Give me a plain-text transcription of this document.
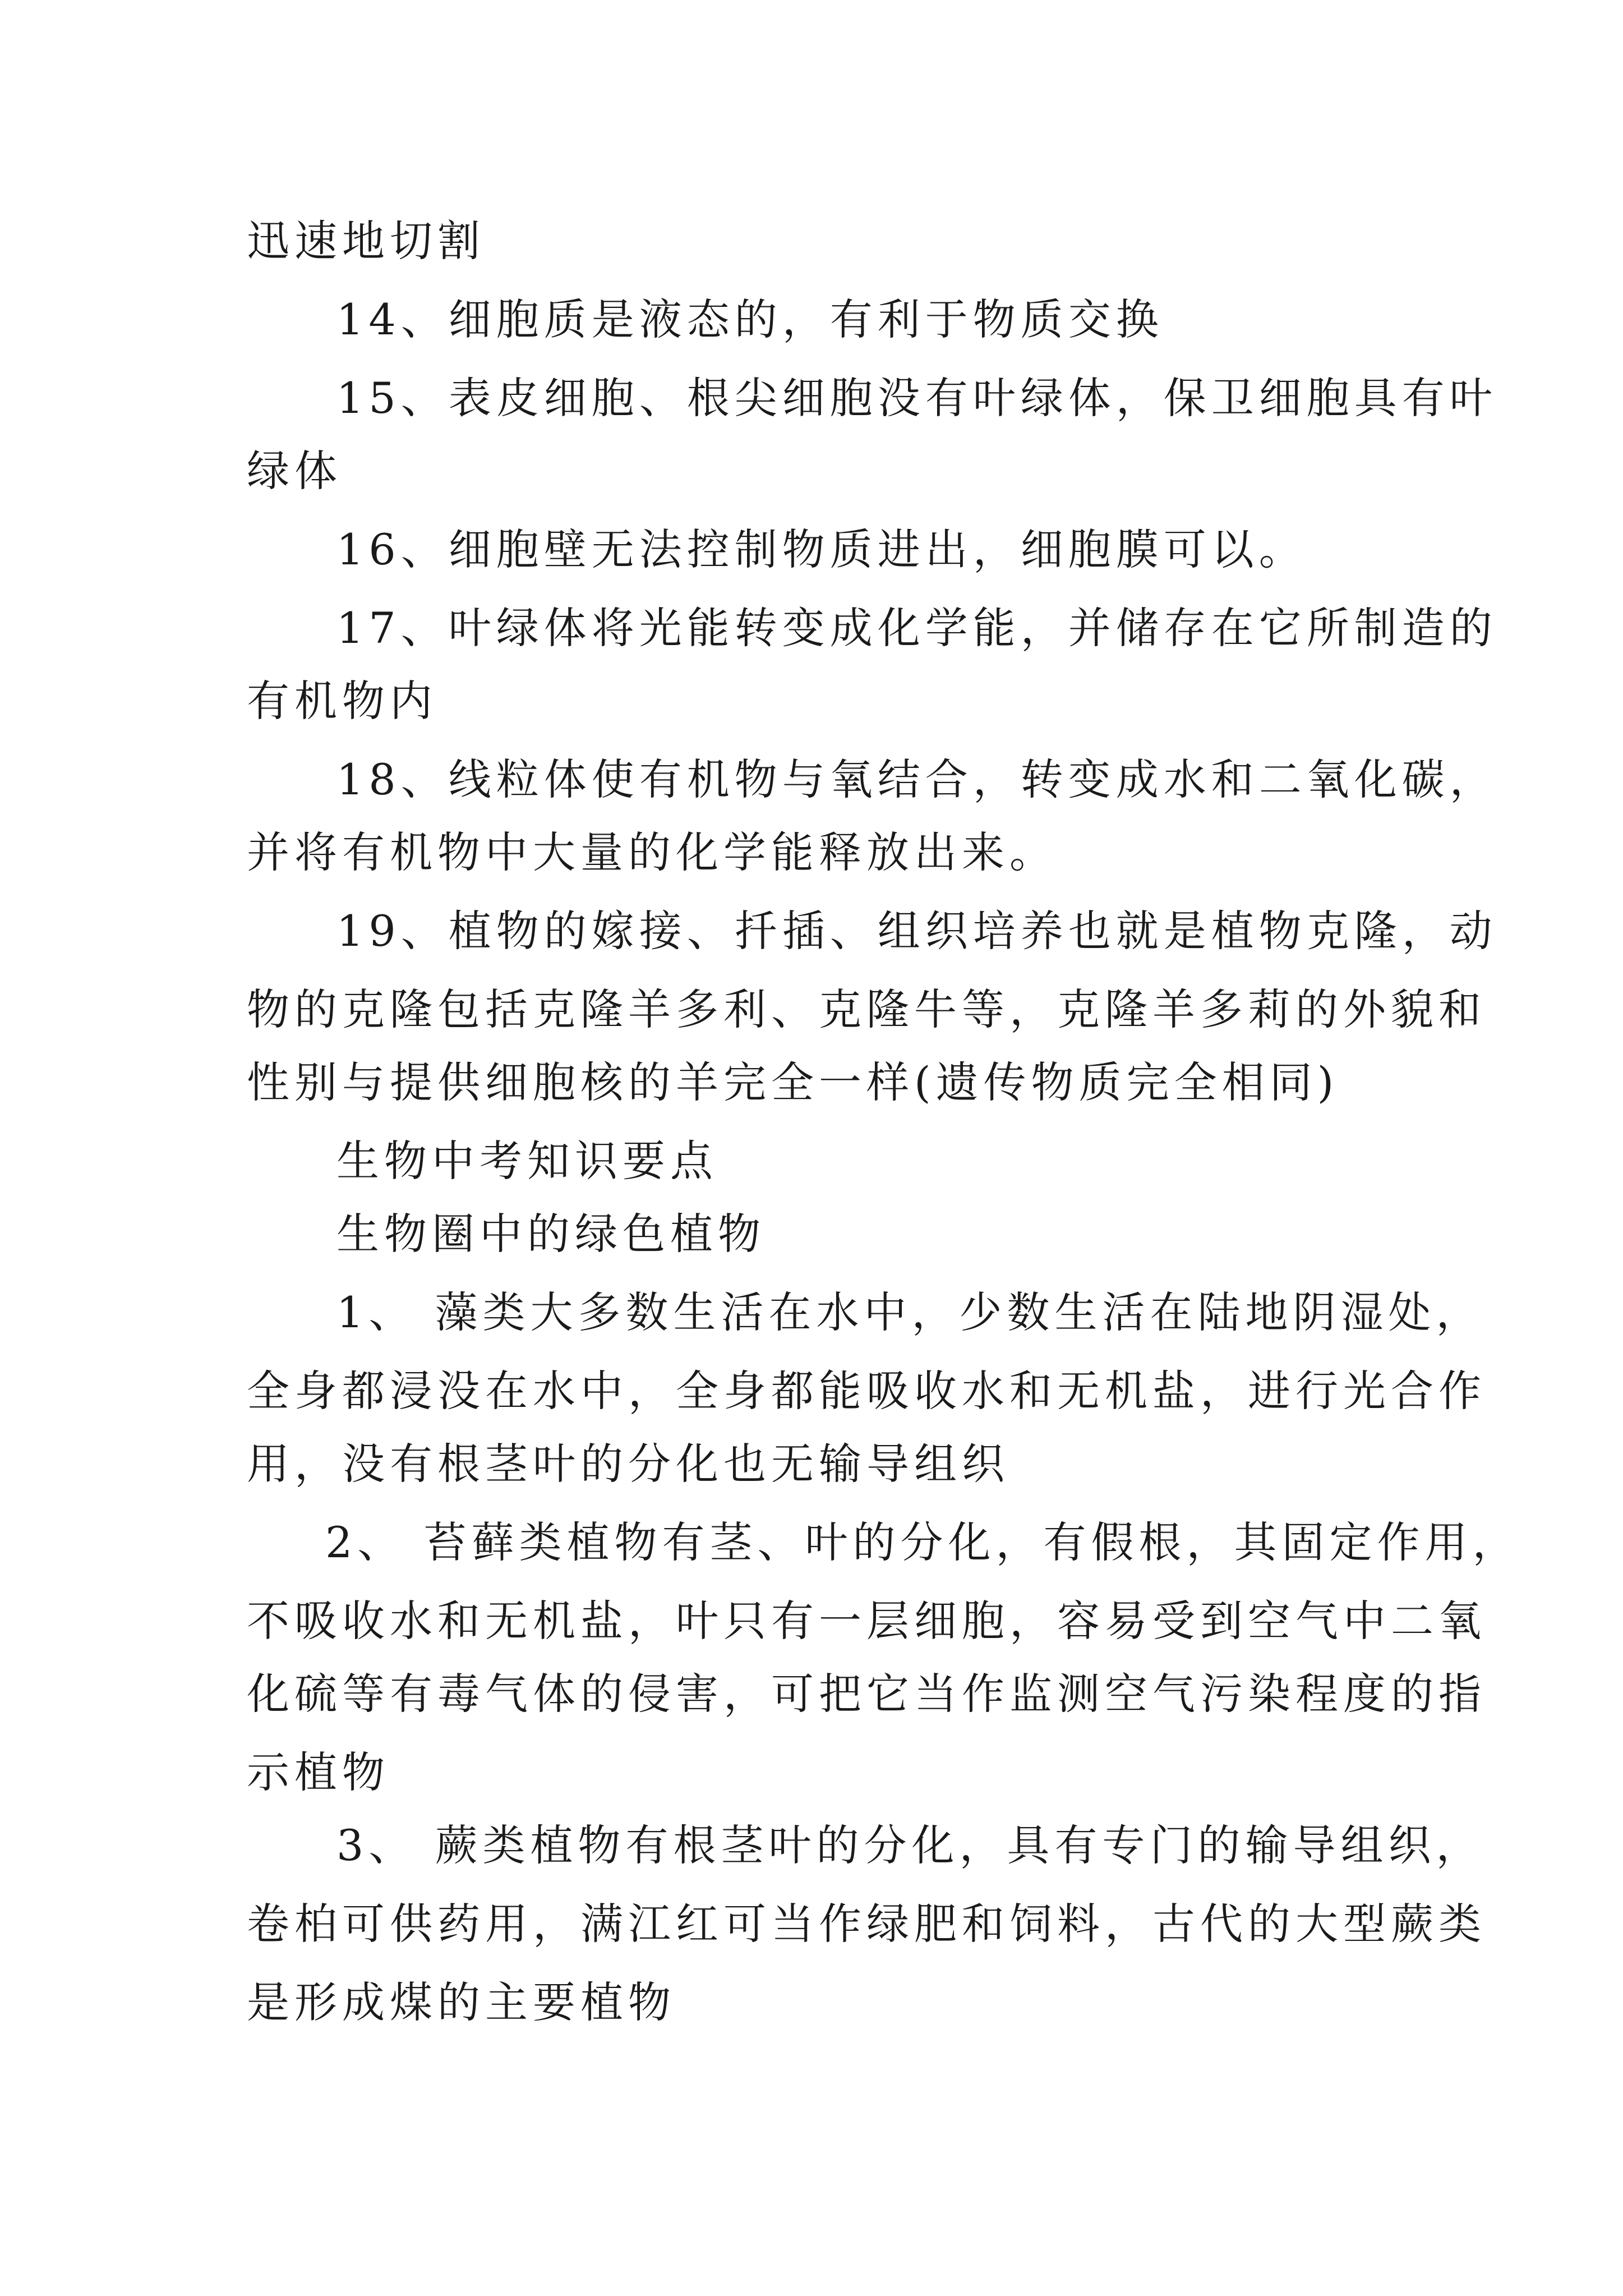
迅速地切割

14、细胞质是液态的，有利于物质交换

15、表皮细胞、根尖细胞没有叶绿体，保卫细胞具有叶

绿体

16、细胞壁无法控制物质进出，细胞膜可以。

17、叶绿体将光能转变成化学能，并储存在它所制造的

有机物内

18、线粒体使有机物与氧结合，转变成水和二氧化碳，

并将有机物中大量的化学能释放出来。

19、植物的嫁接、扦插、组织培养也就是植物克隆，动

物的克隆包括克隆羊多利、克隆牛等，克隆羊多莉的外貌和

性别与提供细胞核的羊完全一样(遗传物质完全相同)

生物中考知识要点

生物圈中的绿色植物

1、 藻类大多数生活在水中，少数生活在陆地阴湿处，

全身都浸没在水中，全身都能吸收水和无机盐，进行光合作

用，没有根茎叶的分化也无输导组织

2、 苔藓类植物有茎、叶的分化，有假根，其固定作用，

不吸收水和无机盐，叶只有一层细胞，容易受到空气中二氧

化硫等有毒气体的侵害，可把它当作监测空气污染程度的指

示植物

3、 蕨类植物有根茎叶的分化，具有专门的输导组织，

卷柏可供药用，满江红可当作绿肥和饲料，古代的大型蕨类

是形成煤的主要植物
